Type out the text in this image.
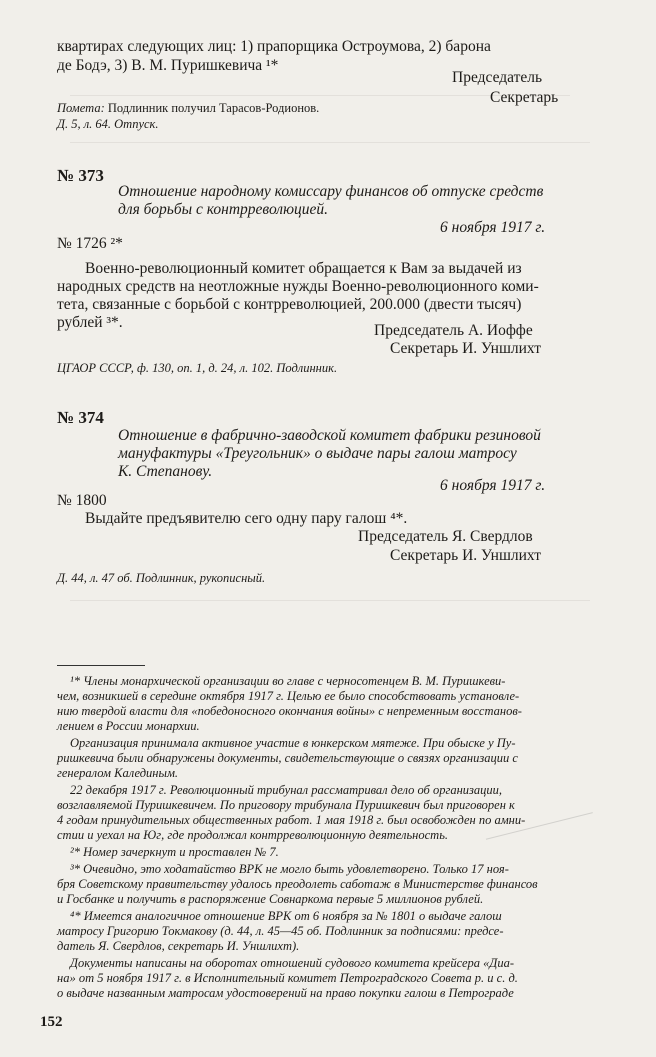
квартирах следующих лиц: 1) прапорщика Остроумова, 2) барона
де Бодэ, 3) В. М. Пуришкевича ¹*
Председатель
Секретарь
Помета: Подлинник получил Тарасов-Родионов.
Д. 5, л. 64. Отпуск.
№ 373
Отношение народному комиссару финансов об отпуске средств
для борьбы с контрреволюцией.
6 ноября 1917 г.
№ 1726 ²*
Военно-революционный комитет обращается к Вам за выдачей из
народных средств на неотложные нужды Военно-революционного коми-
тета, связанные с борьбой с контрреволюцией, 200.000 (двести тысяч)
рублей ³*.	Председатель А. Иоффе
Секретарь И. Уншлихт
ЦГАОР СССР, ф. 130, оп. 1, д. 24, л. 102. Подлинник.
№ 374
Отношение в фабрично-заводской комитет фабрики резиновой
мануфактуры «Треугольник» о выдаче пары галош матросу
К. Степанову.
6 ноября 1917 г.
№ 1800
Выдайте предъявителю сего одну пару галош ⁴*.
Председатель Я. Свердлов
Секретарь И. Уншлихт
Д. 44, л. 47 об. Подлинник, рукописный.
¹* Члены монархической организации во главе с черносотенцем В. М. Пуришкеви-
чем, возникшей в середине октября 1917 г. Целью ее было способствовать установле-
нию твердой власти для «победоносного окончания войны» с непременным восстанов-
лением в России монархии.
Организация принимала активное участие в юнкерском мятеже. При обыске у Пу-
ришкевича были обнаружены документы, свидетельствующие о связях организации с
генералом Калединым.
22 декабря 1917 г. Революционный трибунал рассматривал дело об организации,
возглавляемой Пуришкевичем. По приговору трибунала Пуришкевич был приговорен к
4 годам принудительных общественных работ. 1 мая 1918 г. был освобожден по амни-
стии и уехал на Юг, где продолжал контрреволюционную деятельность.
²* Номер зачеркнут и проставлен № 7.
³* Очевидно, это ходатайство ВРК не могло быть удовлетворено. Только 17 ноя-
бря Советскому правительству удалось преодолеть саботаж в Министерстве финансов
и Госбанке и получить в распоряжение Совнаркома первые 5 миллионов рублей.
⁴* Имеется аналогичное отношение ВРК от 6 ноября за № 1801 о выдаче галош
матросу Григорию Токмакову (д. 44, л. 45—45 об. Подлинник за подписями: предсе-
датель Я. Свердлов, секретарь И. Уншлихт).
Документы написаны на оборотах отношений судового комитета крейсера «Диа-
на» от 5 ноября 1917 г. в Исполнительный комитет Петроградского Совета р. и с. д.
о выдаче названным матросам удостоверений на право покупки галош в Петрограде
152
